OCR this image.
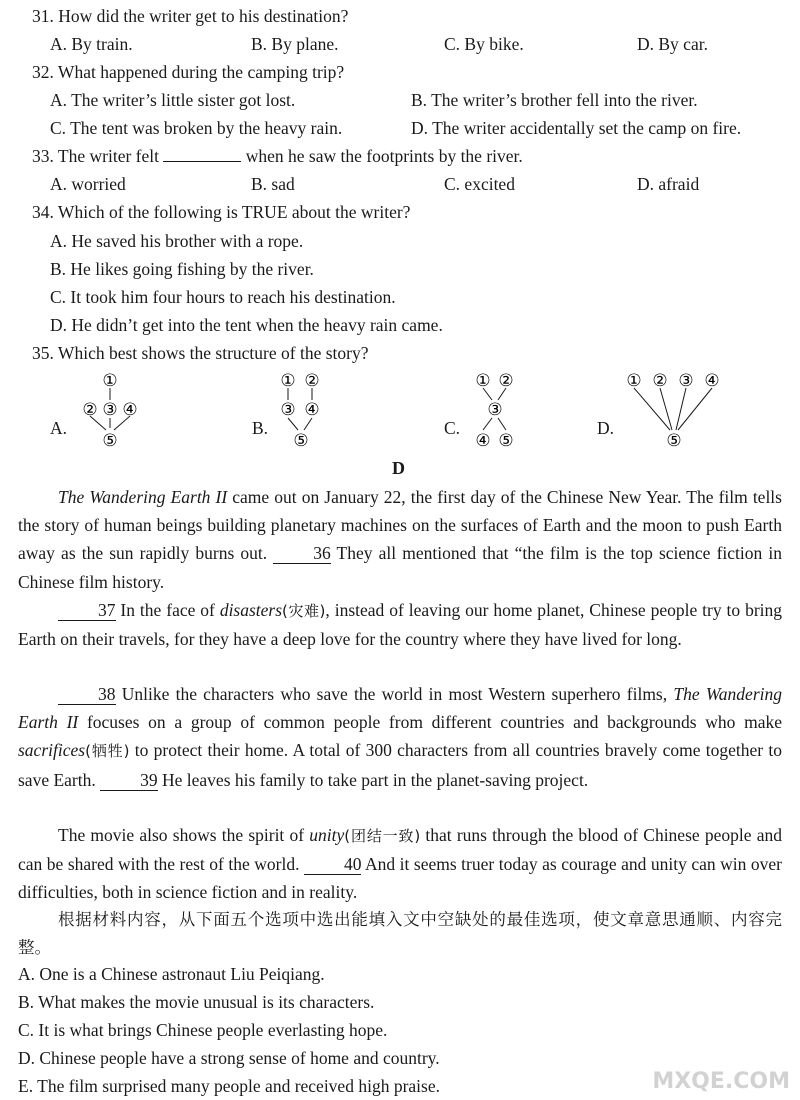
31. How did the writer get to his destination?
A. By train.	B. By plane.	C. By bike.	D. By car.
32. What happened during the camping trip?
A. The writer’s little sister got lost.	B. The writer’s brother fell into the river.
C. The tent was broken by the heavy rain.	D. The writer accidentally set the camp on fire.
33. The writer felt	when he saw the footprints by the river.
A. worried	B. sad	C. excited	D. afraid
34. Which of the following is TRUE about the writer?
A. He saved his brother with a rope.
B. He likes going fishing by the river.
C. It took him four hours to reach his destination.
D. He didn’t get into the tent when the heavy rain came.
35. Which best shows the structure of the story?
A.
①
② ③ ④
⑤
B.
① ②
③ ④
⑤
C.
① ②
③
④ ⑤
D.
① ② ③ ④
⑤
D
The Wandering Earth II came out on January 22, the first day of the Chinese New Year. The film tells the story of human beings building planetary machines on the surfaces of Earth and the moon to push Earth away as the sun rapidly burns out. 36 They all mentioned that “the film is the top science fiction in Chinese film history.
37 In the face of disasters(灾难), instead of leaving our home planet, Chinese people try to bring Earth on their travels, for they have a deep love for the country where they have lived for long.
38 Unlike the characters who save the world in most Western superhero films, The Wandering Earth II focuses on a group of common people from different countries and backgrounds who make sacrifices(牺牲) to protect their home. A total of 300 characters from all countries bravely come together to save Earth. 39 He leaves his family to take part in the planet-saving project.
The movie also shows the spirit of unity(团结一致) that runs through the blood of Chinese people and can be shared with the rest of the world. 40 And it seems truer today as courage and unity can win over difficulties, both in science fiction and in reality.
根据材料内容，从下面五个选项中选出能填入文中空缺处的最佳选项，使文章意思通顺、内容完整。
A. One is a Chinese astronaut Liu Peiqiang.
B. What makes the movie unusual is its characters.
C. It is what brings Chinese people everlasting hope.
D. Chinese people have a strong sense of home and country.
E. The film surprised many people and received high praise.	MXQE.COM
